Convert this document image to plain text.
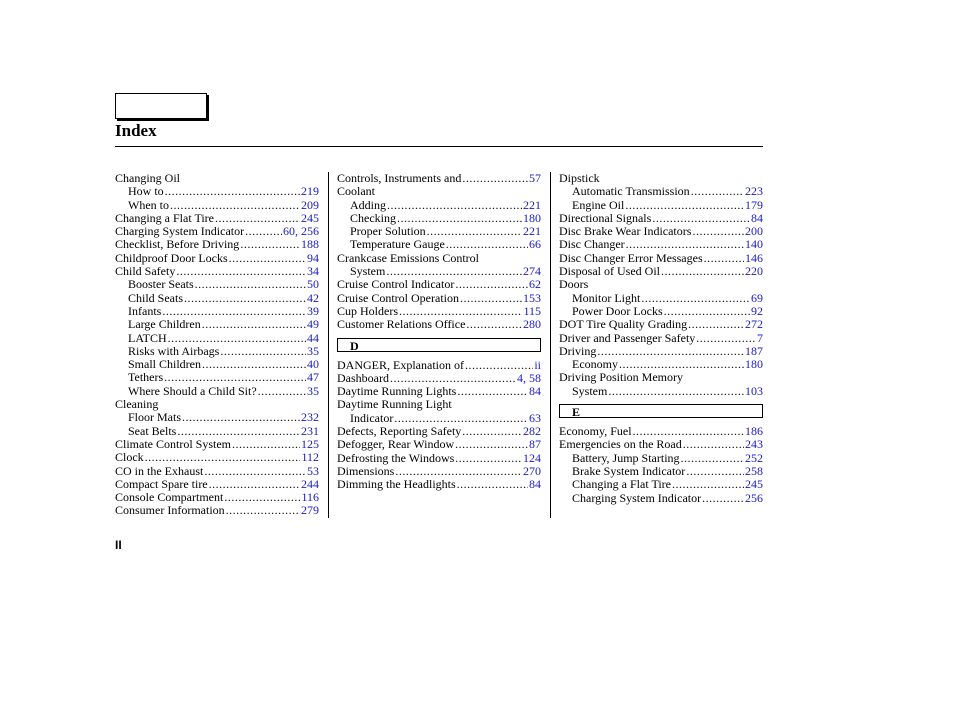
Index
Changing Oil
How to .....	219
When to .....	209
Changing a Flat Tire .....	245
Charging System Indicator .....	60, 256
Checklist, Before Driving .....	188
Childproof Door Locks .....	94
Child Safety .....	34
Booster Seats .....	50
Child Seats .....	42
Infants .....	39
Large Children .....	49
LATCH .....	44
Risks with Airbags .....	35
Small Children .....	40
Tethers .....	47
Where Should a Child Sit? .....	35
Cleaning
Floor Mats .....	232
Seat Belts .....	231
Climate Control System .....	125
Clock .....	112
CO in the Exhaust .....	53
Compact Spare tire .....	244
Console Compartment .....	116
Consumer Information .....	279
Controls, Instruments and .....	57
Coolant
Adding .....	221
Checking .....	180
Proper Solution .....	221
Temperature Gauge .....	66
Crankcase Emissions Control
System .....	274
Cruise Control Indicator .....	62
Cruise Control Operation .....	153
Cup Holders .....	115
Customer Relations Office .....	280
D
DANGER, Explanation of .....	ii
Dashboard .....	4, 58
Daytime Running Lights .....	84
Daytime Running Light
Indicator .....	63
Defects, Reporting Safety .....	282
Defogger, Rear Window .....	87
Defrosting the Windows .....	124
Dimensions .....	270
Dimming the Headlights .....	84
Dipstick
Automatic Transmission .....	223
Engine Oil .....	179
Directional Signals .....	84
Disc Brake Wear Indicators .....	200
Disc Changer .....	140
Disc Changer Error Messages .....	146
Disposal of Used Oil .....	220
Doors
Monitor Light .....	69
Power Door Locks .....	92
DOT Tire Quality Grading .....	272
Driver and Passenger Safety .....	7
Driving .....	187
Economy .....	180
Driving Position Memory
System .....	103
E
Economy, Fuel .....	186
Emergencies on the Road .....	243
Battery, Jump Starting .....	252
Brake System Indicator .....	258
Changing a Flat Tire .....	245
Charging System Indicator .....	256

II
